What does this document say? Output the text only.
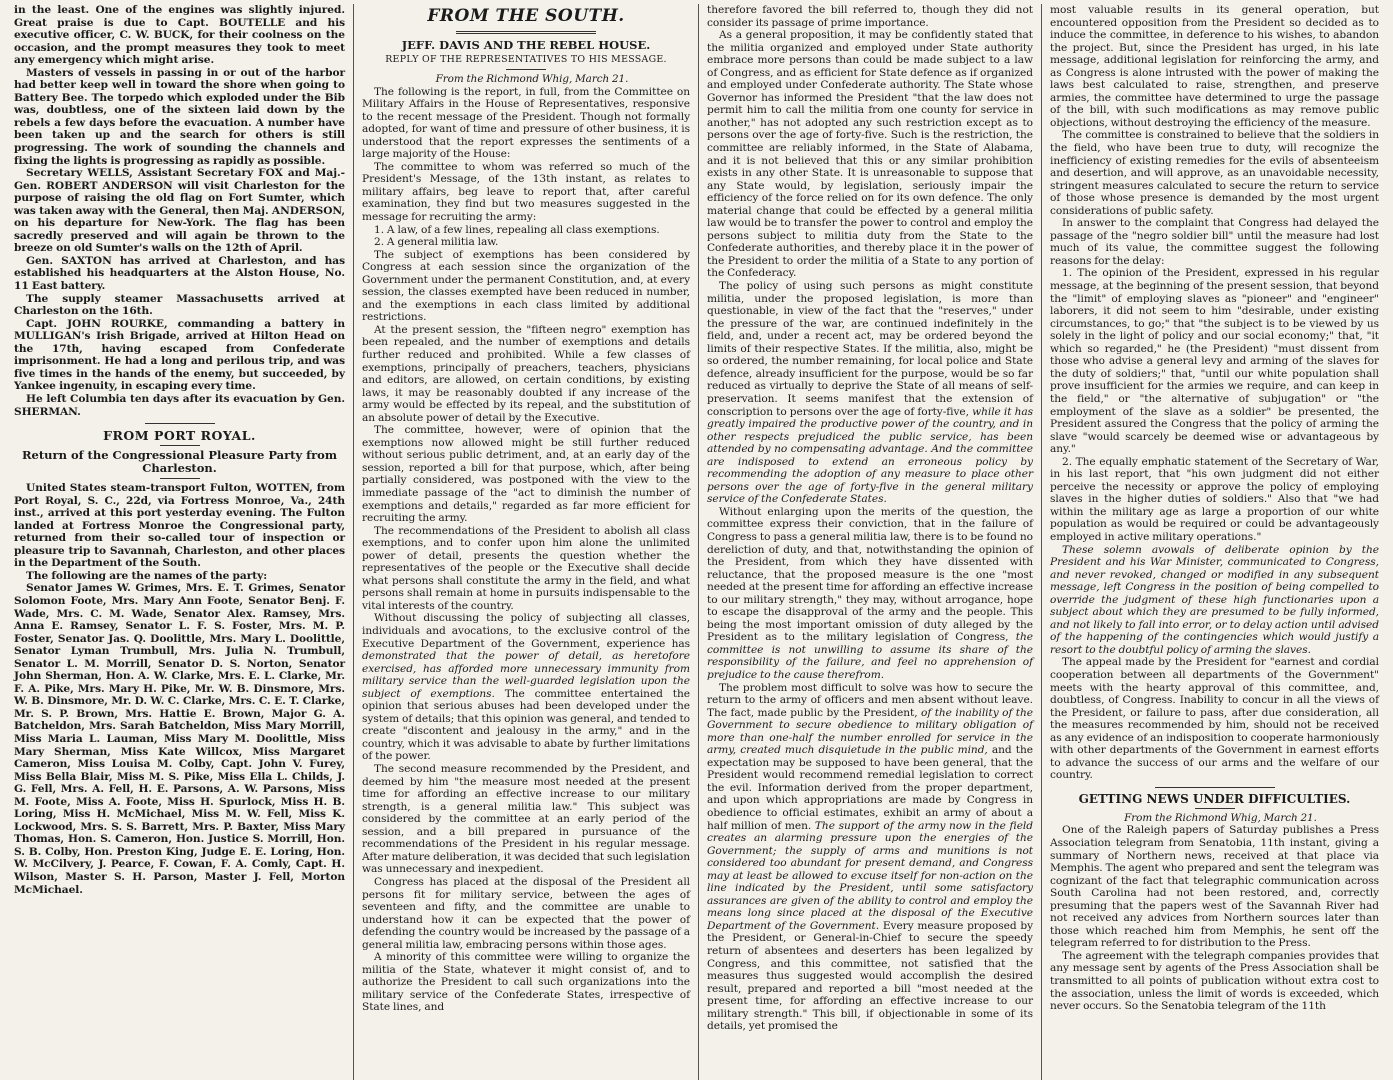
in the least. One of the engines was slightly injured. Great praise is due to Capt. BOUTELLE and his executive officer, C. W. BUCK, for their coolness on the occasion, and the prompt measures they took to meet any emergency which might arise.

Masters of vessels in passing in or out of the harbor had better keep well in toward the shore when going to Battery Bee. The torpedo which exploded under the Bib was, doubtless, one of the sixteen laid down by the rebels a few days before the evacuation. A number have been taken up and the search for others is still progressing. The work of sounding the channels and fixing the lights is progressing as rapidly as possible.

Secretary WELLS, Assistant Secretary FOX and Maj.-Gen. ROBERT ANDERSON will visit Charleston for the purpose of raising the old flag on Fort Sumter, which was taken away with the General, then Maj. ANDERSON, on his departure for New-York. The flag has been sacredly preserved and will again be thrown to the breeze on old Sumter's walls on the 12th of April.

Gen. SAXTON has arrived at Charleston, and has established his headquarters at the Alston House, No. 11 East battery.

The supply steamer Massachusetts arrived at Charleston on the 16th.

Capt. JOHN ROURKE, commanding a battery in MULLIGAN's Irish Brigade, arrived at Hilton Head on the 17th, having escaped from Confederate imprisonment. He had a long and perilous trip, and was five times in the hands of the enemy, but succeeded, by Yankee ingenuity, in escaping every time.

He left Columbia ten days after its evacuation by Gen. SHERMAN.

FROM PORT ROYAL.
Return of the Congressional Pleasure Party from Charleston.

United States steam-transport Fulton, WOTTEN, from Port Royal, S. C., 22d, via Fortress Monroe, Va., 24th inst., arrived at this port yesterday evening. The Fulton landed at Fortress Monroe the Congressional party, returned from their so-called tour of inspection or pleasure trip to Savannah, Charleston, and other places in the Department of the South.

The following are the names of the party:

Senator James W. Grimes, Mrs. E. T. Grimes, Senator Solomon Foote, Mrs. Mary Ann Foote, Senator Benj. F. Wade, Mrs. C. M. Wade, Senator Alex. Ramsey, Mrs. Anna E. Ramsey, Senator L. F. S. Foster, Mrs. M. P. Foster, Senator Jas. Q. Doolittle, Mrs. Mary L. Doolittle, Senator Lyman Trumbull, Mrs. Julia N. Trumbull, Senator L. M. Morrill, Senator D. S. Norton, Senator John Sherman, Hon. A. W. Clarke, Mrs. E. L. Clarke, Mr. F. A. Pike, Mrs. Mary H. Pike, Mr. W. B. Dinsmore, Mrs. W. B. Dinsmore, Mr. D. W. C. Clarke, Mrs. C. E. T. Clarke, Mr. S. P. Brown, Mrs. Hattie E. Brown, Major G. A. Batcheldon, Mrs. Sarah Batcheldon, Miss Mary Morrill, Miss Maria L. Lauman, Miss Mary M. Doolittle, Miss Mary Sherman, Miss Kate Willcox, Miss Margaret Cameron, Miss Louisa M. Colby, Capt. John V. Furey, Miss Bella Blair, Miss M. S. Pike, Miss Ella L. Childs, J. G. Fell, Mrs. A. Fell, H. E. Parsons, A. W. Parsons, Miss M. Foote, Miss A. Foote, Miss H. Spurlock, Miss H. B. Loring, Miss H. McMichael, Miss M. W. Fell, Miss K. Lockwood, Mrs. S. S. Barrett, Mrs. P. Baxter, Miss Mary Thomas, Hon. S. Cameron, Hon. Justice S. Morrill, Hon. S. B. Colby, Hon. Preston King, Judge E. E. Loring, Hon. W. McCilvery, J. Pearce, F. Cowan, F. A. Comly, Capt. H. Wilson, Master S. H. Parson, Master J. Fell, Morton McMichael.

FROM THE SOUTH.
JEFF. DAVIS AND THE REBEL HOUSE.
REPLY OF THE REPRESENTATIVES TO HIS MESSAGE.

From the Richmond Whig, March 21.

The following is the report, in full, from the Committee on Military Affairs in the House of Representatives, responsive to the recent message of the President. Though not formally adopted, for want of time and pressure of other business, it is understood that the report expresses the sentiments of a large majority of the House:

The committee to whom was referred so much of the President's Message, of the 13th instant, as relates to military affairs, beg leave to report that, after careful examination, they find but two measures suggested in the message for recruiting the army:

1. A law, of a few lines, repealing all class exemptions.

2. A general militia law.

The subject of exemptions has been considered by Congress at each session since the organization of the Government under the permanent Constitution, and, at every session, the classes exempted have been reduced in number, and the exemptions in each class limited by additional restrictions.

At the present session, the "fifteen negro" exemption has been repealed, and the number of exemptions and details further reduced and prohibited. While a few classes of exemptions, principally of preachers, teachers, physicians and editors, are allowed, on certain conditions, by existing laws, it may be reasonably doubted if any increase of the army would be effected by its repeal, and the substitution of an absolute power of detail by the Executive.

The committee, however, were of opinion that the exemptions now allowed might be still further reduced without serious public detriment, and, at an early day of the session, reported a bill for that purpose, which, after being partially considered, was postponed with the view to the immediate passage of the "act to diminish the number of exemptions and details," regarded as far more efficient for recruiting the army.

The recommendations of the President to abolish all class exemptions, and to confer upon him alone the unlimited power of detail, presents the question whether the representatives of the people or the Executive shall decide what persons shall constitute the army in the field, and what persons shall remain at home in pursuits indispensable to the vital interests of the country.

Without discussing the policy of subjecting all classes, individuals and avocations, to the exclusive control of the Executive Department of the Government, experience has demonstrated that the power of detail, as heretofore exercised, has afforded more unnecessary immunity from military service than the well-guarded legislation upon the subject of exemptions. The committee entertained the opinion that serious abuses had been developed under the system of details; that this opinion was general, and tended to create "discontent and jealousy in the army," and in the country, which it was advisable to abate by further limitations of the power.

The second measure recommended by the President, and deemed by him "the measure most needed at the present time for affording an effective increase to our military strength, is a general militia law." This subject was considered by the committee at an early period of the session, and a bill prepared in pursuance of the recommendations of the President in his regular message. After mature deliberation, it was decided that such legislation was unnecessary and inexpedient.

Congress has placed at the disposal of the President all persons fit for military service, between the ages of seventeen and fifty, and the committee are unable to understand how it can be expected that the power of defending the country would be increased by the passage of a general militia law, embracing persons within those ages.

A minority of this committee were willing to organize the militia of the State, whatever it might consist of, and to authorize the President to call such organizations into the military service of the Confederate States, irrespective of State lines, and

therefore favored the bill referred to, though they did not consider its passage of prime importance.

As a general proposition, it may be confidently stated that the militia organized and employed under State authority embrace more persons than could be made subject to a law of Congress, and as efficient for State defence as if organized and employed under Confederate authority. The State whose Governor has informed the President "that the law does not permit him to call the militia from one county for service in another," has not adopted any such restriction except as to persons over the age of forty-five. Such is the restriction, the committee are reliably informed, in the State of Alabama, and it is not believed that this or any similar prohibition exists in any other State. It is unreasonable to suppose that any State would, by legislation, seriously impair the efficiency of the force relied on for its own defence. The only material change that could be effected by a general militia law would be to transfer the power to control and employ the persons subject to militia duty from the State to the Confederate authorities, and thereby place it in the power of the President to order the militia of a State to any portion of the Confederacy.

The policy of using such persons as might constitute militia, under the proposed legislation, is more than questionable, in view of the fact that the "reserves," under the pressure of the war, are continued indefinitely in the field, and, under a recent act, may be ordered beyond the limits of their respective States. If the militia, also, might be so ordered, the number remaining, for local police and State defence, already insufficient for the purpose, would be so far reduced as virtually to deprive the State of all means of self-preservation. It seems manifest that the extension of conscription to persons over the age of forty-five, while it has greatly impaired the productive power of the country, and in other respects prejudiced the public service, has been attended by no compensating advantage. And the committee are indisposed to extend an erroneous policy by recommending the adoption of any measure to place other persons over the age of forty-five in the general military service of the Confederate States.

Without enlarging upon the merits of the question, the committee express their conviction, that in the failure of Congress to pass a general militia law, there is to be found no dereliction of duty, and that, notwithstanding the opinion of the President, from which they have dissented with reluctance, that the proposed measure is the one "most needed at the present time for affording an effective increase to our military strength," they may, without arrogance, hope to escape the disapproval of the army and the people. This being the most important omission of duty alleged by the President as to the military legislation of Congress, the committee is not unwilling to assume its share of the responsibility of the failure, and feel no apprehension of prejudice to the cause therefrom.

The problem most difficult to solve was how to secure the return to the army of officers and men absent without leave. The fact, made public by the President, of the inability of the Government to secure obedience to military obligation of more than one-half the number enrolled for service in the army, created much disquietude in the public mind, and the expectation may be supposed to have been general, that the President would recommend remedial legislation to correct the evil. Information derived from the proper department, and upon which appropriations are made by Congress in obedience to official estimates, exhibit an army of about a half million of men. The support of the army now in the field creates an alarming pressure upon the energies of the Government; the supply of arms and munitions is not considered too abundant for present demand, and Congress may at least be allowed to excuse itself for non-action on the line indicated by the President, until some satisfactory assurances are given of the ability to control and employ the means long since placed at the disposal of the Executive Department of the Government. Every measure proposed by the President, or General-in-Chief to secure the speedy return of absentees and deserters has been legalized by Congress, and this committee, not satisfied that the measures thus suggested would accomplish the desired result, prepared and reported a bill "most needed at the present time, for affording an effective increase to our military strength." This bill, if objectionable in some of its details, yet promised the

most valuable results in its general operation, but encountered opposition from the President so decided as to induce the committee, in deference to his wishes, to abandon the project. But, since the President has urged, in his late message, additional legislation for reinforcing the army, and as Congress is alone intrusted with the power of making the laws best calculated to raise, strengthen, and preserve armies, the committee have determined to urge the passage of the bill, with such modifications as may remove public objections, without destroying the efficiency of the measure.

The committee is constrained to believe that the soldiers in the field, who have been true to duty, will recognize the inefficiency of existing remedies for the evils of absenteeism and desertion, and will approve, as an unavoidable necessity, stringent measures calculated to secure the return to service of those whose presence is demanded by the most urgent considerations of public safety.

In answer to the complaint that Congress had delayed the passage of the "negro soldier bill" until the measure had lost much of its value, the committee suggest the following reasons for the delay:

1. The opinion of the President, expressed in his regular message, at the beginning of the present session, that beyond the "limit" of employing slaves as "pioneer" and "engineer" laborers, it did not seem to him "desirable, under existing circumstances, to go;" that "the subject is to be viewed by us solely in the light of policy and our social economy;" that, "it which so regarded," he (the President) "must dissent from those who advise a general levy and arming of the slaves for the duty of soldiers;" that, "until our white population shall prove insufficient for the armies we require, and can keep in the field," or "the alternative of subjugation" or "the employment of the slave as a soldier" be presented, the President assured the Congress that the policy of arming the slave "would scarcely be deemed wise or advantageous by any."

2. The equally emphatic statement of the Secretary of War, in his last report, that "his own judgment did not either perceive the necessity or approve the policy of employing slaves in the higher duties of soldiers." Also that "we had within the military age as large a proportion of our white population as would be required or could be advantageously employed in active military operations."

These solemn avowals of deliberate opinion by the President and his War Minister, communicated to Congress, and never revoked, changed or modified in any subsequent message, left Congress in the position of being compelled to override the judgment of these high functionaries upon a subject about which they are presumed to be fully informed, and not likely to fall into error, or to delay action until advised of the happening of the contingencies which would justify a resort to the doubtful policy of arming the slaves.

The appeal made by the President for "earnest and cordial cooperation between all departments of the Government" meets with the hearty approval of this committee, and, doubtless, of Congress. Inability to concur in all the views of the President, or failure to pass, after due consideration, all the measures recommended by him, should not be received as any evidence of an indisposition to cooperate harmoniously with other departments of the Government in earnest efforts to advance the success of our arms and the welfare of our country.

GETTING NEWS UNDER DIFFICULTIES.

From the Richmond Whig, March 21.

One of the Raleigh papers of Saturday publishes a Press Association telegram from Senatobia, 11th instant, giving a summary of Northern news, received at that place via Memphis. The agent who prepared and sent the telegram was cognizant of the fact that telegraphic communication across South Carolina had not been restored, and, correctly presuming that the papers west of the Savannah River had not received any advices from Northern sources later than those which reached him from Memphis, he sent off the telegram referred to for distribution to the Press.

The agreement with the telegraph companies provides that any message sent by agents of the Press Association shall be transmitted to all points of publication without extra cost to the association, unless the limit of words is exceeded, which never occurs. So the Senatobia telegram of the 11th
